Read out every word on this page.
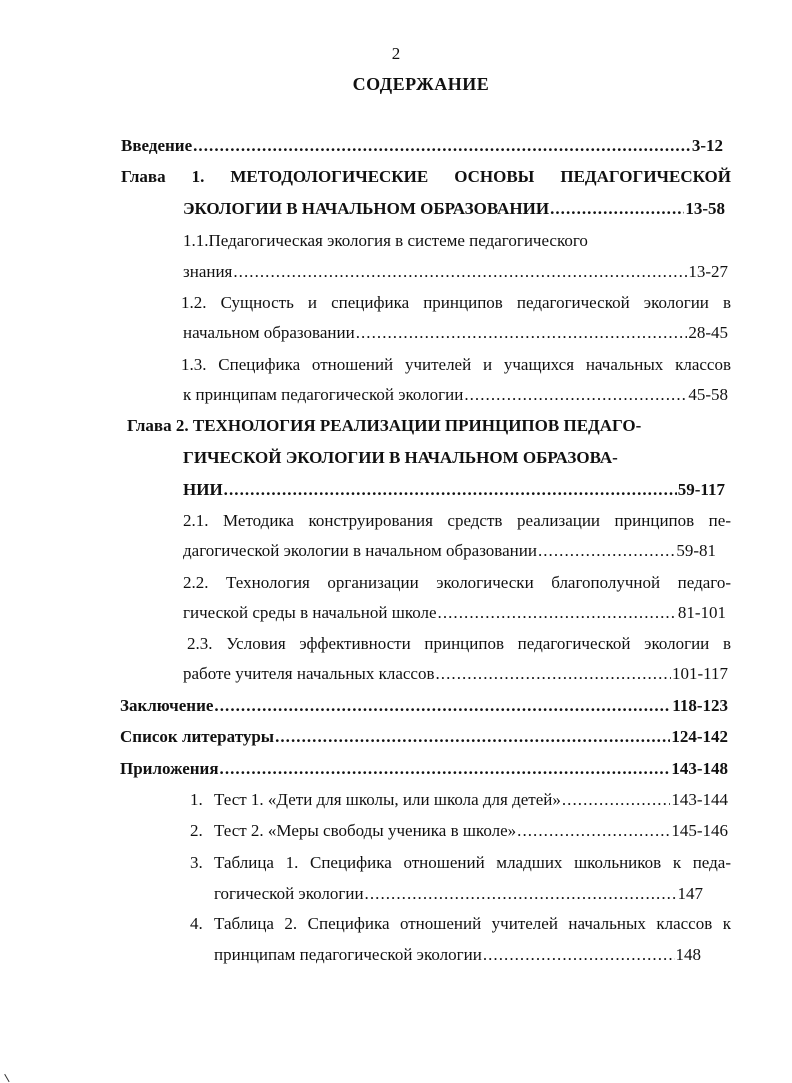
2
СОДЕРЖАНИЕ
Введение . . .	3-12
Глава 1. МЕТОДОЛОГИЧЕСКИЕ ОСНОВЫ ПЕДАГОГИЧЕСКОЙ
ЭКОЛОГИИ В НАЧАЛЬНОМ ОБРАЗОВАНИИ . . .	13-58
1.1.Педагогическая экология в системе педагогического
знания . . .	13-27
1.2. Сущность и специфика принципов педагогической экологии в
начальном образовании . . .	28-45
1.3. Специфика отношений учителей и учащихся начальных классов
к принципам педагогической экологии . . .	45-58
Глава 2. ТЕХНОЛОГИЯ РЕАЛИЗАЦИИ ПРИНЦИПОВ ПЕДАГО-
ГИЧЕСКОЙ ЭКОЛОГИИ В НАЧАЛЬНОМ ОБРАЗОВА-
НИИ . . .	59-117
2.1. Методика конструирования средств реализации принципов пе-
дагогической экологии в начальном образовании . . .	59-81
2.2. Технология организации экологически благополучной педаго-
гической среды в начальной школе . . .	81-101
2.3. Условия эффективности принципов педагогической экологии в
работе учителя начальных классов . . .	101-117
Заключение . . .	118-123
Список литературы . . .	124-142
Приложения . . .	143-148
1. Тест 1. «Дети для школы, или школа для детей» . . .	143-144
2. Тест 2. «Меры свободы ученика в школе» . . .	145-146
3. Таблица 1. Специфика отношений младших школьников к педа-
гогической экологии . . .	147
4. Таблица 2. Специфика отношений учителей начальных классов к
принципам педагогической экологии . . .	148
